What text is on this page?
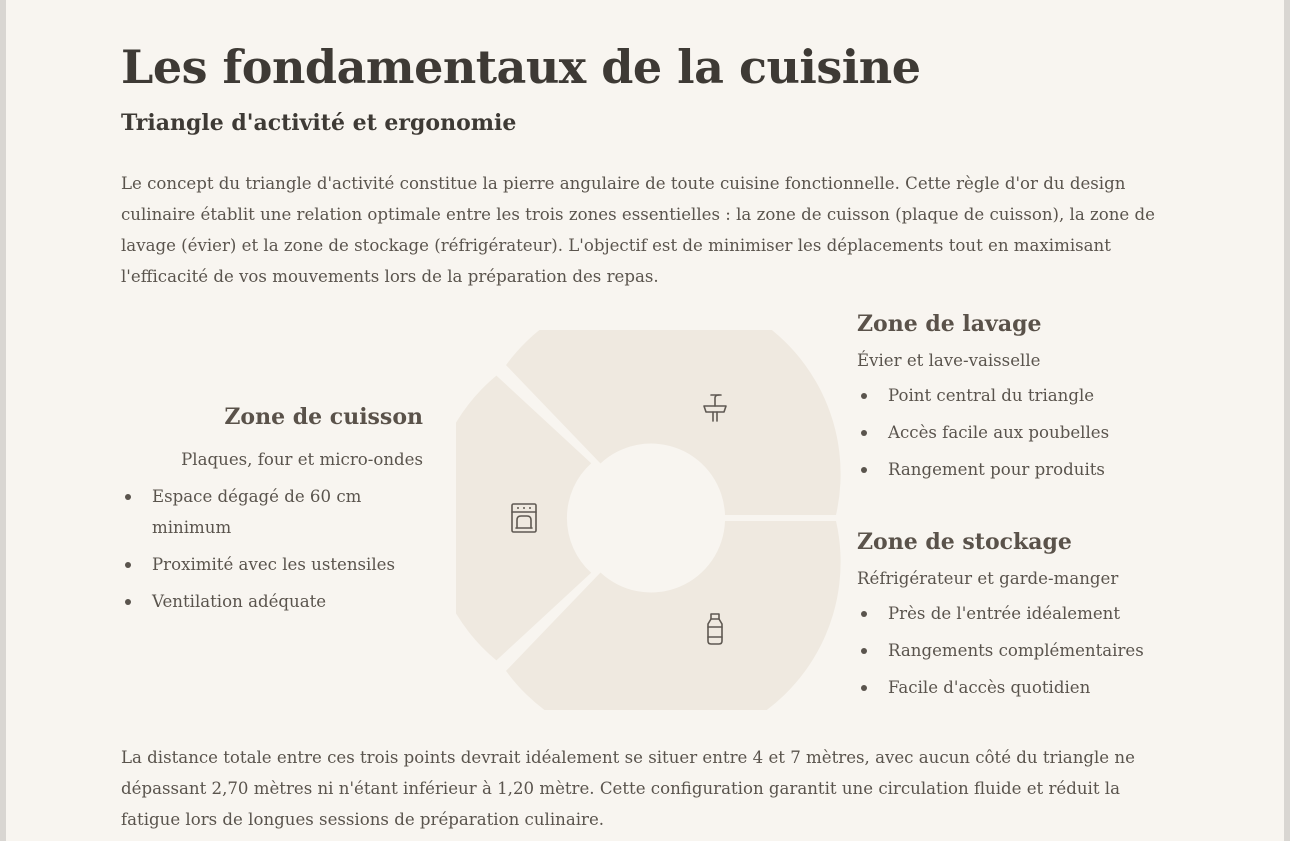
Les fondamentaux de la cuisine
Triangle d'activité et ergonomie

Le concept du triangle d'activité constitue la pierre angulaire de toute cuisine fonctionnelle. Cette règle d'or du design culinaire établit une relation optimale entre les trois zones essentielles : la zone de cuisson (plaque de cuisson), la zone de lavage (évier) et la zone de stockage (réfrigérateur). L'objectif est de minimiser les déplacements tout en maximisant l'efficacité de vos mouvements lors de la préparation des repas.

Zone de cuisson

Plaques, four et micro-ondes

Espace dégagé de 60 cm minimum
Proximité avec les ustensiles
Ventilation adéquate
Zone de lavage

Évier et lave-vaisselle

Point central du triangle
Accès facile aux poubelles
Rangement pour produits
Zone de stockage

Réfrigérateur et garde-manger

Près de l'entrée idéalement
Rangements complémentaires
Facile d'accès quotidien

La distance totale entre ces trois points devrait idéalement se situer entre 4 et 7 mètres, avec aucun côté du triangle ne dépassant 2,70 mètres ni n'étant inférieur à 1,20 mètre. Cette configuration garantit une circulation fluide et réduit la fatigue lors de longues sessions de préparation culinaire.
